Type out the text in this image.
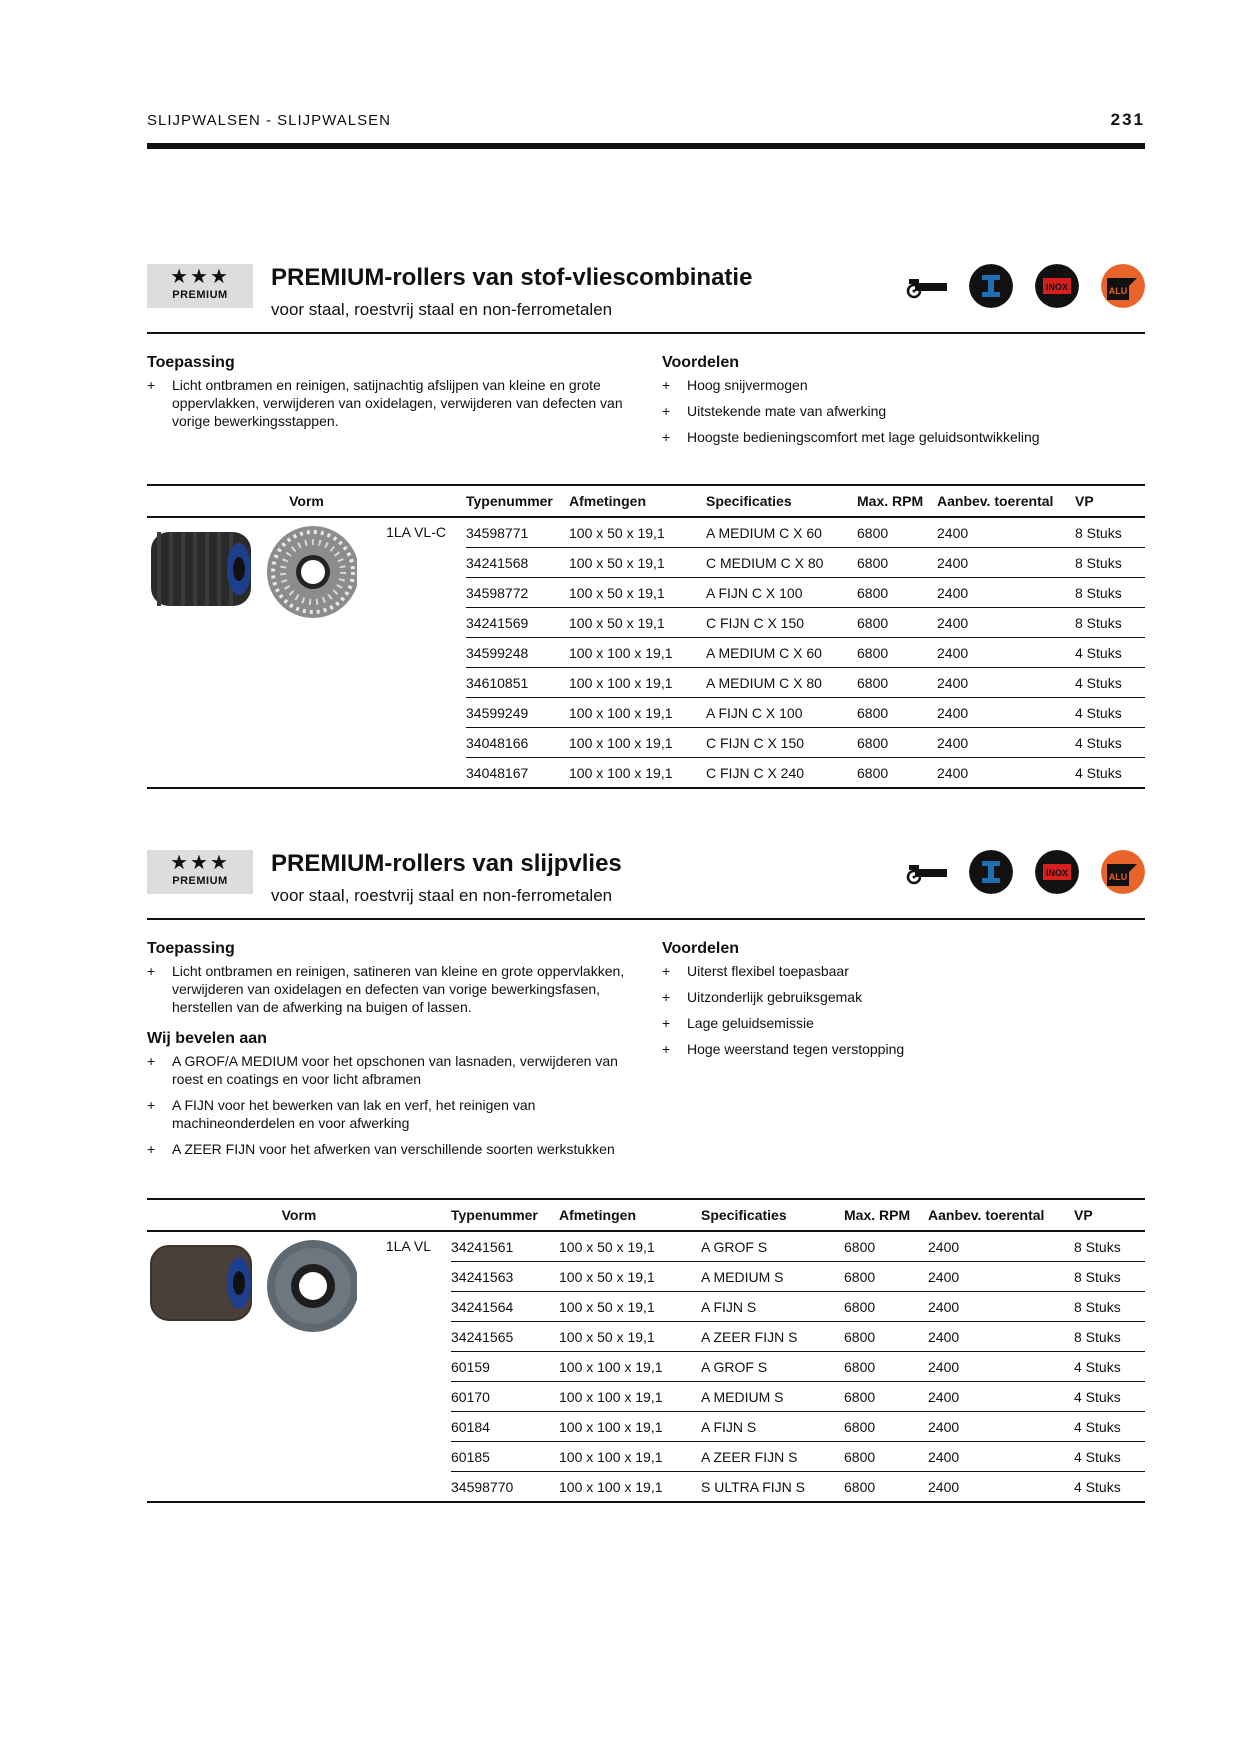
SLIJPWALSEN - SLIJPWALSEN	231
★★★
PREMIUM
PREMIUM-rollers van stof-vliescombinatie
voor staal, roestvrij staal en non-ferrometalen
INOX	ALU
Toepassing
+ Licht ontbramen en reinigen, satijnachtig afslijpen van kleine en grote oppervlakken, verwijderen van oxidelagen, verwijderen van defecten van vorige bewerkingsstappen.
Voordelen
+ Hoog snijvermogen
+ Uitstekende mate van afwerking
+ Hoogste bedieningscomfort met lage geluidsontwikkeling
Vorm	Typenummer	Afmetingen	Specificaties	Max. RPM	Aanbev. toerental	VP

1LA VL-C	34598771	100 x 50 x 19,1	A MEDIUM C X 60	6800	2400	8 Stuks
	34241568	100 x 50 x 19,1	C MEDIUM C X 80	6800	2400	8 Stuks
	34598772	100 x 50 x 19,1	A FIJN C X 100	6800	2400	8 Stuks
	34241569	100 x 50 x 19,1	C FIJN C X 150	6800	2400	8 Stuks
	34599248	100 x 100 x 19,1	A MEDIUM C X 60	6800	2400	4 Stuks
	34610851	100 x 100 x 19,1	A MEDIUM C X 80	6800	2400	4 Stuks
	34599249	100 x 100 x 19,1	A FIJN C X 100	6800	2400	4 Stuks
	34048166	100 x 100 x 19,1	C FIJN C X 150	6800	2400	4 Stuks
	34048167	100 x 100 x 19,1	C FIJN C X 240	6800	2400	4 Stuks
★★★
PREMIUM
PREMIUM-rollers van slijpvlies
voor staal, roestvrij staal en non-ferrometalen
INOX	ALU
Toepassing
+ Licht ontbramen en reinigen, satineren van kleine en grote oppervlakken, verwijderen van oxidelagen en defecten van vorige bewerkingsfasen, herstellen van de afwerking na buigen of lassen.
Wij bevelen aan
+ A GROF/A MEDIUM voor het opschonen van lasnaden, verwijderen van roest en coatings en voor licht afbramen
+ A FIJN voor het bewerken van lak en verf, het reinigen van machineonderdelen en voor afwerking
+ A ZEER FIJN voor het afwerken van verschillende soorten werkstukken
Voordelen
+ Uiterst flexibel toepasbaar
+ Uitzonderlijk gebruiksgemak
+ Lage geluidsemissie
+ Hoge weerstand tegen verstopping
Vorm	Typenummer	Afmetingen	Specificaties	Max. RPM	Aanbev. toerental	VP

1LA VL	34241561	100 x 50 x 19,1	A GROF S	6800	2400	8 Stuks
	34241563	100 x 50 x 19,1	A MEDIUM S	6800	2400	8 Stuks
	34241564	100 x 50 x 19,1	A FIJN S	6800	2400	8 Stuks
	34241565	100 x 50 x 19,1	A ZEER FIJN S	6800	2400	8 Stuks
	60159	100 x 100 x 19,1	A GROF S	6800	2400	4 Stuks
	60170	100 x 100 x 19,1	A MEDIUM S	6800	2400	4 Stuks
	60184	100 x 100 x 19,1	A FIJN S	6800	2400	4 Stuks
	60185	100 x 100 x 19,1	A ZEER FIJN S	6800	2400	4 Stuks
	34598770	100 x 100 x 19,1	S ULTRA FIJN S	6800	2400	4 Stuks
